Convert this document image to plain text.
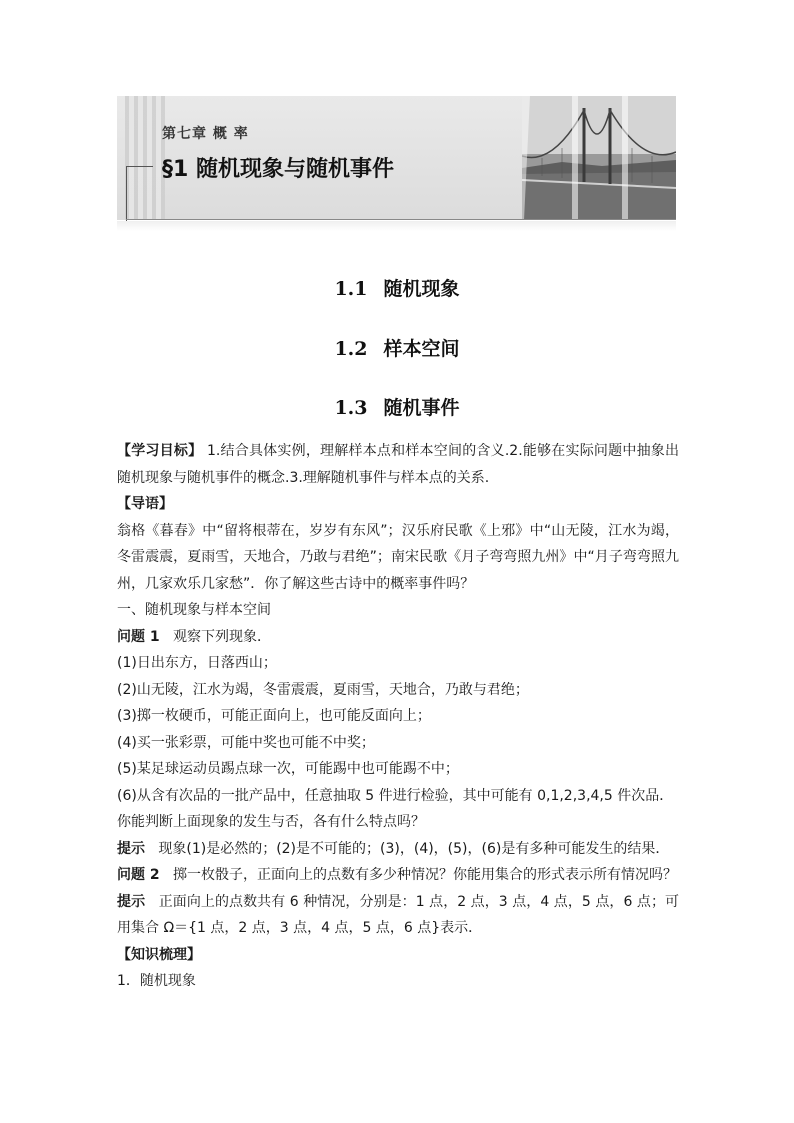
第七章 概 率
§1 随机现象与随机事件
1.1 随机现象
1.2 样本空间
1.3 随机事件

【学习目标】 1.结合具体实例，理解样本点和样本空间的含义.2.能够在实际问题中抽象出随机现象与随机事件的概念.3.理解随机事件与样本点的关系.

【导语】

翁格《暮春》中“留将根蒂在，岁岁有东风”；汉乐府民歌《上邪》中“山无陵，江水为竭，冬雷震震，夏雨雪，天地合，乃敢与君绝”；南宋民歌《月子弯弯照九州》中“月子弯弯照九州，几家欢乐几家愁”．你了解这些古诗中的概率事件吗？

一、随机现象与样本空间

问题 1 观察下列现象．

(1)日出东方，日落西山；

(2)山无陵，江水为竭，冬雷震震，夏雨雪，天地合，乃敢与君绝；

(3)掷一枚硬币，可能正面向上，也可能反面向上；

(4)买一张彩票，可能中奖也可能不中奖；

(5)某足球运动员踢点球一次，可能踢中也可能踢不中；

(6)从含有次品的一批产品中，任意抽取 5 件进行检验，其中可能有 0,1,2,3,4,5 件次品．

你能判断上面现象的发生与否，各有什么特点吗？

提示 现象(1)是必然的；(2)是不可能的；(3)，(4)，(5)，(6)是有多种可能发生的结果．

问题 2 掷一枚骰子，正面向上的点数有多少种情况？你能用集合的形式表示所有情况吗？

提示 正面向上的点数共有 6 种情况，分别是：1 点，2 点，3 点，4 点，5 点，6 点；可用集合 Ω＝{1 点，2 点，3 点，4 点，5 点，6 点}表示．

【知识梳理】

1．随机现象
